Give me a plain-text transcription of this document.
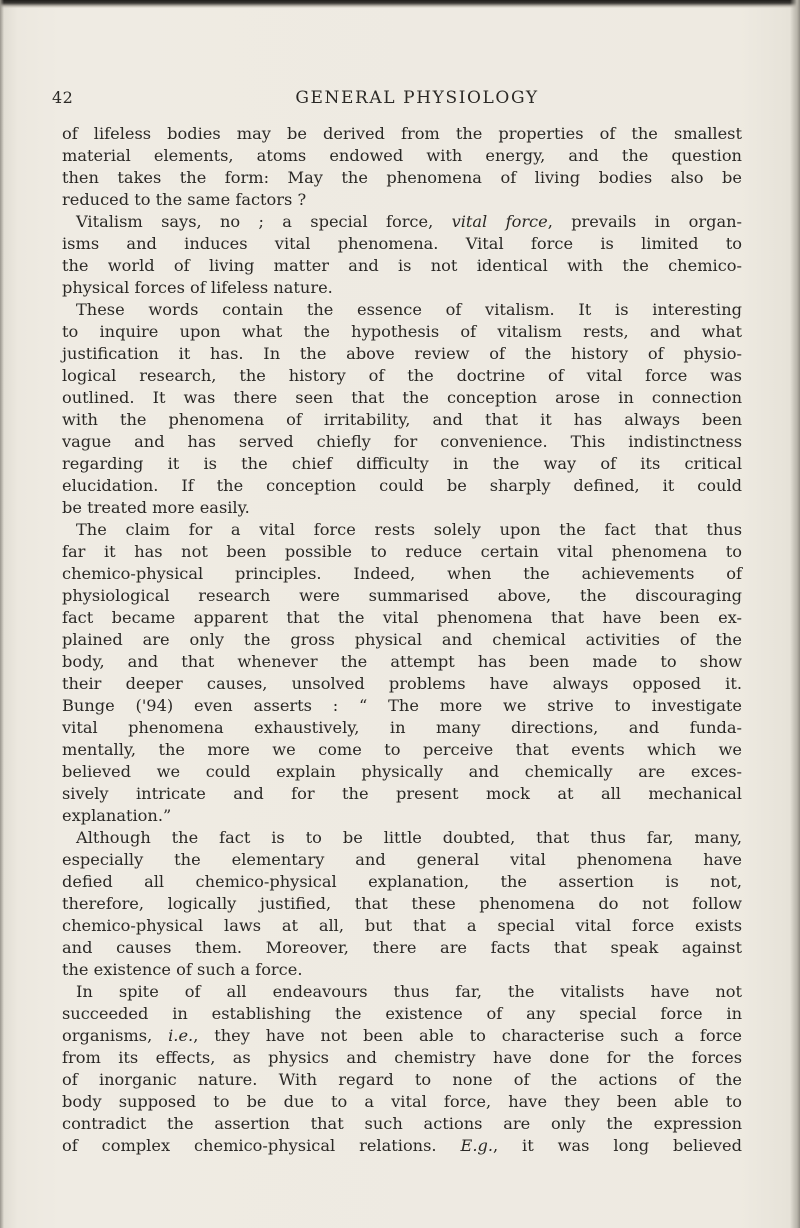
42	GENERAL PHYSIOLOGY
of lifeless bodies may be derived from the properties of the smallest
material elements, atoms endowed with energy, and the question
then takes the form: May the phenomena of living bodies also be
reduced to the same factors ?
Vitalism says, no ; a special force, vital force, prevails in organ-
isms and induces vital phenomena. Vital force is limited to
the world of living matter and is not identical with the chemico-
physical forces of lifeless nature.
These words contain the essence of vitalism. It is interesting
to inquire upon what the hypothesis of vitalism rests, and what
justification it has. In the above review of the history of physio-
logical research, the history of the doctrine of vital force was
outlined. It was there seen that the conception arose in connection
with the phenomena of irritability, and that it has always been
vague and has served chiefly for convenience. This indistinctness
regarding it is the chief difficulty in the way of its critical
elucidation. If the conception could be sharply defined, it could
be treated more easily.
The claim for a vital force rests solely upon the fact that thus
far it has not been possible to reduce certain vital phenomena to
chemico-physical principles. Indeed, when the achievements of
physiological research were summarised above, the discouraging
fact became apparent that the vital phenomena that have been ex-
plained are only the gross physical and chemical activities of the
body, and that whenever the attempt has been made to show
their deeper causes, unsolved problems have always opposed it.
Bunge ('94) even asserts : “ The more we strive to investigate
vital phenomena exhaustively, in many directions, and funda-
mentally, the more we come to perceive that events which we
believed we could explain physically and chemically are exces-
sively intricate and for the present mock at all mechanical
explanation.”
Although the fact is to be little doubted, that thus far, many,
especially the elementary and general vital phenomena have
defied all chemico-physical explanation, the assertion is not,
therefore, logically justified, that these phenomena do not follow
chemico-physical laws at all, but that a special vital force exists
and causes them. Moreover, there are facts that speak against
the existence of such a force.
In spite of all endeavours thus far, the vitalists have not
succeeded in establishing the existence of any special force in
organisms, i.e., they have not been able to characterise such a force
from its effects, as physics and chemistry have done for the forces
of inorganic nature. With regard to none of the actions of the
body supposed to be due to a vital force, have they been able to
contradict the assertion that such actions are only the expression
of complex chemico-physical relations. E.g., it was long believed
